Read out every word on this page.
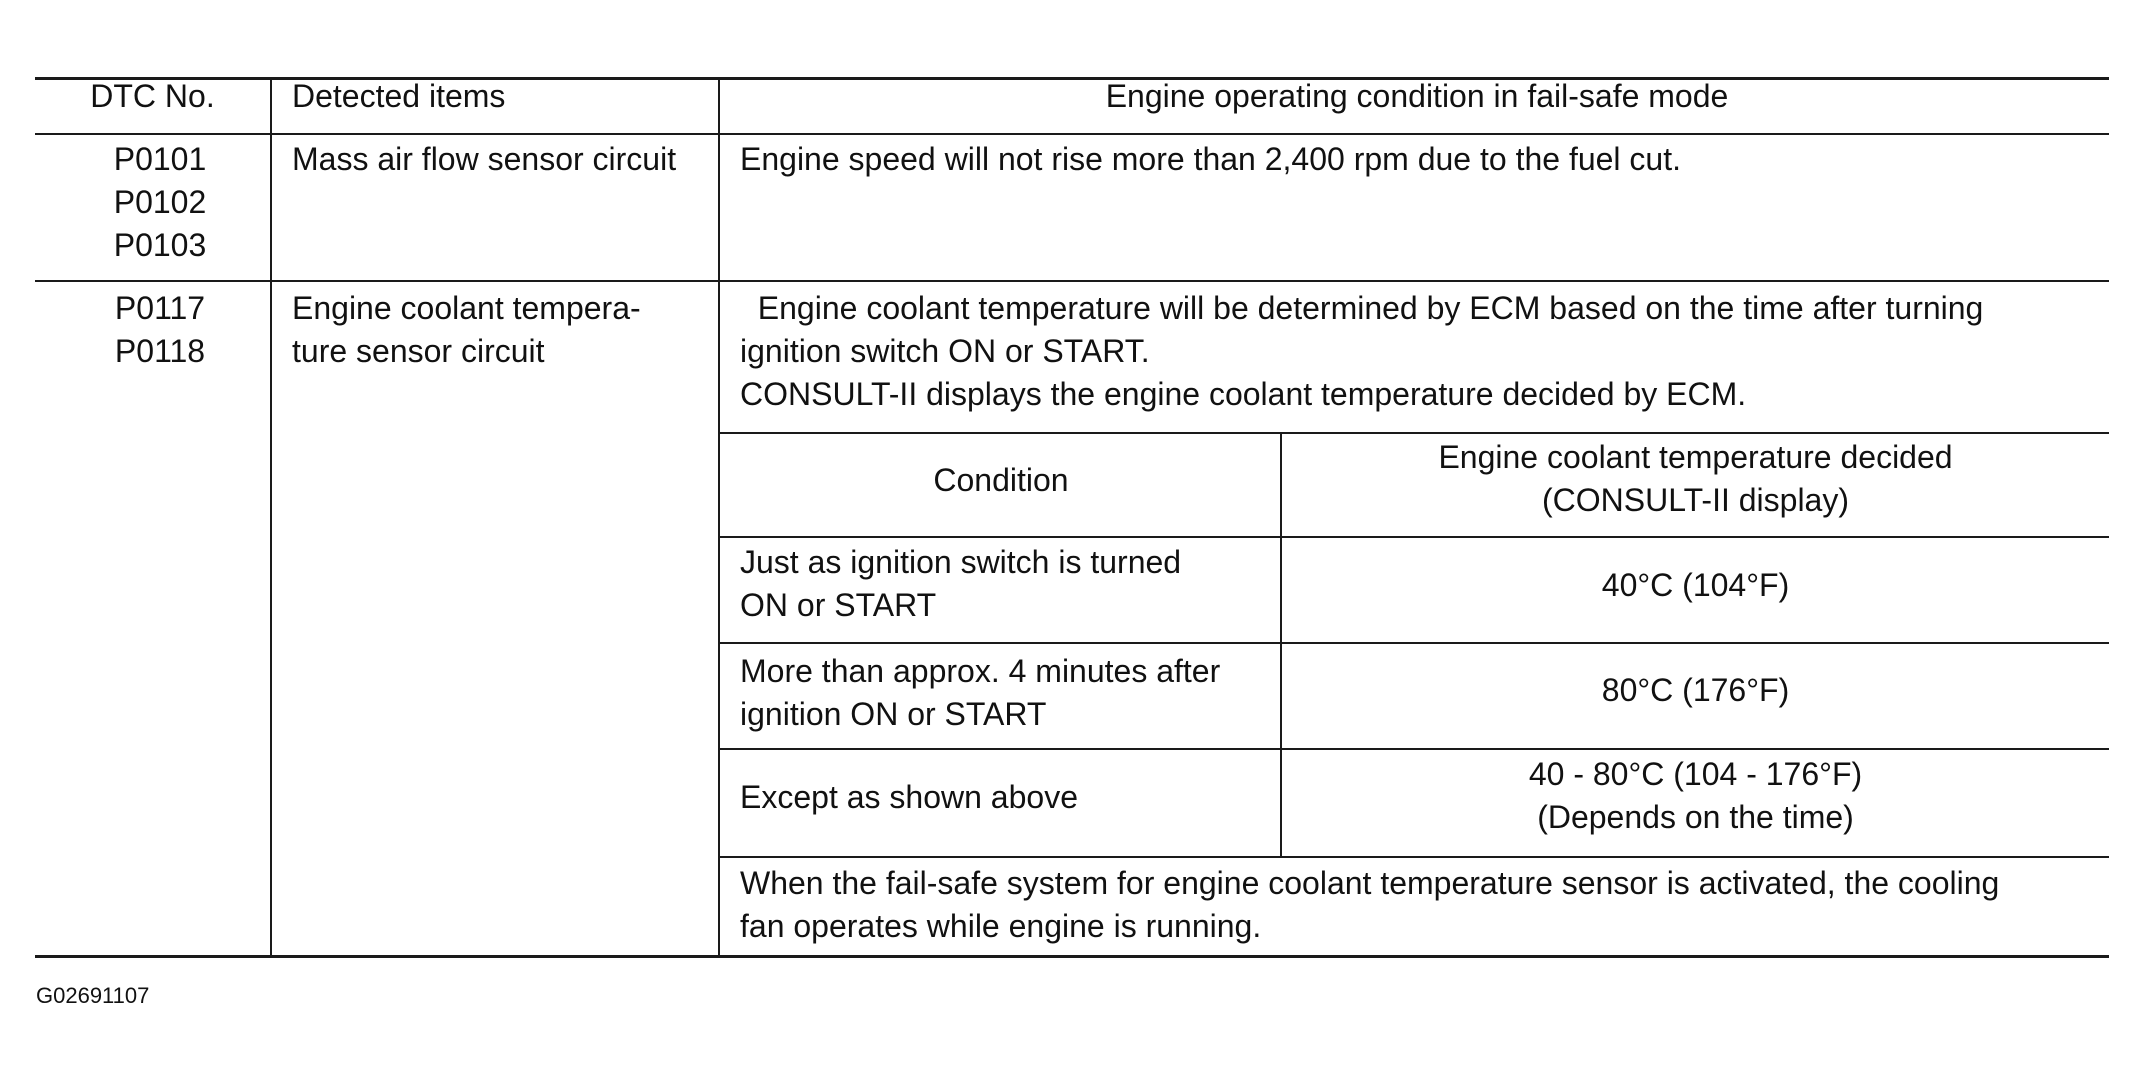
DTC No.	Detected items	Engine operating condition in fail-safe mode
P0101
P0102
P0103
Mass air flow sensor circuit Engine speed will not rise more than 2,400 rpm due to the fuel cut.
P0117
P0118
Engine coolant tempera-
ture sensor circuit
Engine coolant temperature will be determined by ECM based on the time after turning
ignition switch ON or START.
CONSULT-II displays the engine coolant temperature decided by ECM.
Condition
Engine coolant temperature decided
(CONSULT-II display)
Just as ignition switch is turned
ON or START
40°C (104°F)
More than approx. 4 minutes after
ignition ON or START
80°C (176°F)
Except as shown above
40 - 80°C (104 - 176°F)
(Depends on the time)
When the fail-safe system for engine coolant temperature sensor is activated, the cooling
fan operates while engine is running.
G02691107
